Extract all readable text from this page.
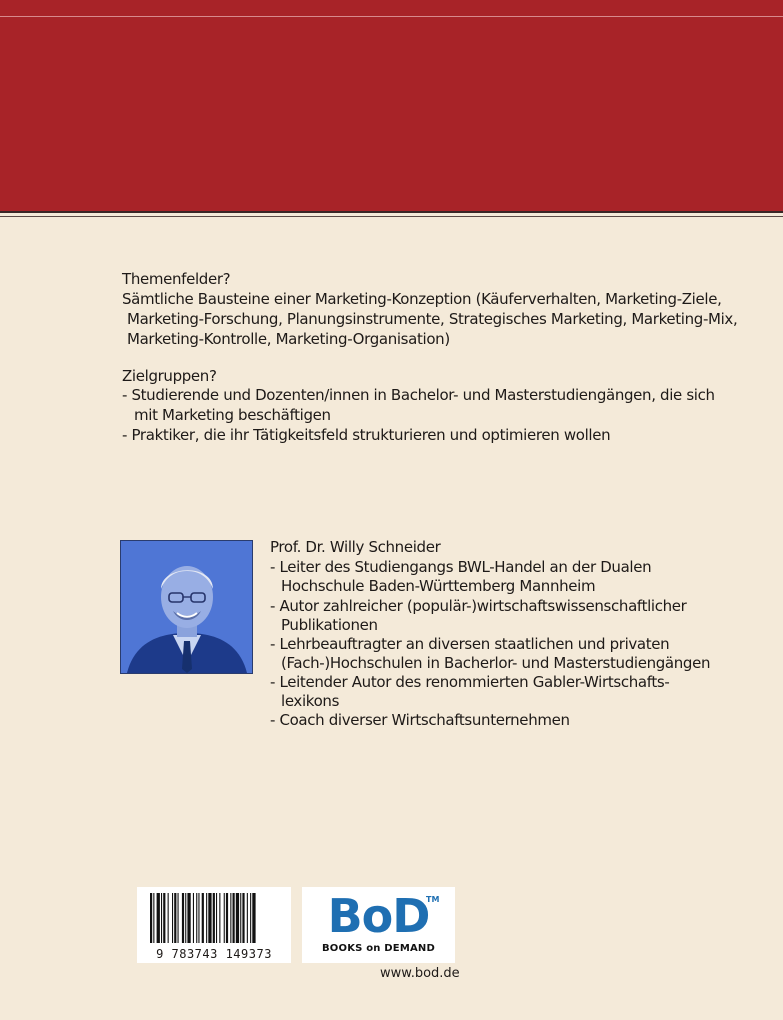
Themenfelder?
Sämtliche Bausteine einer Marketing-Konzeption (Käuferverhalten, Marketing-Ziele,
Marketing-Forschung, Planungsinstrumente, Strategisches Marketing, Marketing-Mix,
Marketing-Kontrolle, Marketing-Organisation)
Zielgruppen?
- Studierende und Dozenten/innen in Bachelor- und Masterstudiengängen, die sich
mit Marketing beschäftigen
- Praktiker, die ihr Tätigkeitsfeld strukturieren und optimieren wollen
Prof. Dr. Willy Schneider
- Leiter des Studiengangs BWL-Handel an der Dualen
Hochschule Baden-Württemberg Mannheim
- Autor zahlreicher (populär-)wirtschaftswissenschaftlicher
Publikationen
- Lehrbeauftragter an diversen staatlichen und privaten
(Fach-)Hochschulen in Bacherlor- und Masterstudiengängen
- Leitender Autor des renommierten Gabler-Wirtschafts-
lexikons
- Coach diverser Wirtschaftsunternehmen
9 783743 149373
BoD
TM
BOOKS on DEMAND
www.bod.de
